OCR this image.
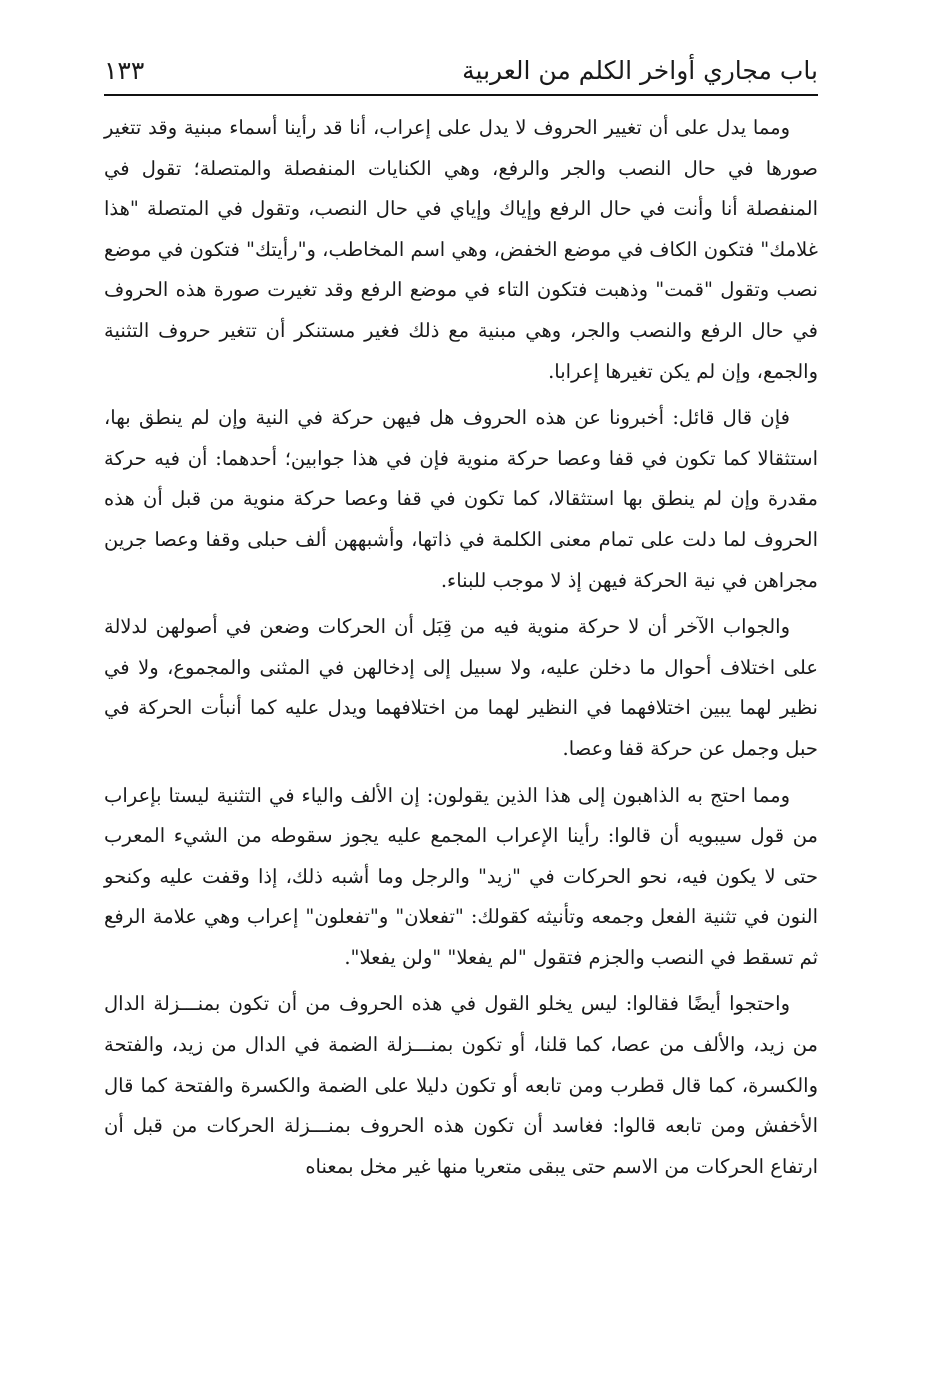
باب مجاري أواخر الكلم من العربية
١٣٣

ومما يدل على أن تغيير الحروف لا يدل على إعراب، أنا قد رأينا أسماء مبنية وقد تتغير صورها في حال النصب والجر والرفع، وهي الكنايات المنفصلة والمتصلة؛ تقول في المنفصلة أنا وأنت في حال الرفع وإياك وإياي في حال النصب، وتقول في المتصلة "هذا غلامك" فتكون الكاف في موضع الخفض، وهي اسم المخاطب، و"رأيتك" فتكون في موضع نصب وتقول "قمت" وذهبت فتكون التاء في موضع الرفع وقد تغيرت صورة هذه الحروف في حال الرفع والنصب والجر، وهي مبنية مع ذلك فغير مستنكر أن تتغير حروف التثنية والجمع، وإن لم يكن تغيرها إعرابا.

فإن قال قائل: أخبرونا عن هذه الحروف هل فيهن حركة في النية وإن لم ينطق بها، استثقالا كما تكون في قفا وعصا حركة منوية فإن في هذا جوابين؛ أحدهما: أن فيه حركة مقدرة وإن لم ينطق بها استثقالا، كما تكون في قفا وعصا حركة منوية من قبل أن هذه الحروف لما دلت على تمام معنى الكلمة في ذاتها، وأشبههن ألف حبلى وقفا وعصا جرين مجراهن في نية الحركة فيهن إذ لا موجب للبناء.

والجواب الآخر أن لا حركة منوية فيه من قِبَل أن الحركات وضعن في أصولهن لدلالة على اختلاف أحوال ما دخلن عليه، ولا سبيل إلى إدخالهن في المثنى والمجموع، ولا في نظير لهما يبين اختلافهما في النظير لهما من اختلافهما ويدل عليه كما أنبأت الحركة في حبل وجمل عن حركة قفا وعصا.

ومما احتج به الذاهبون إلى هذا الذين يقولون: إن الألف والياء في التثنية ليستا بإعراب من قول سيبويه أن قالوا: رأينا الإعراب المجمع عليه يجوز سقوطه من الشيء المعرب حتى لا يكون فيه، نحو الحركات في "زيد" والرجل وما أشبه ذلك، إذا وقفت عليه وكنحو النون في تثنية الفعل وجمعه وتأنيثه كقولك: "تفعلان" و"تفعلون" إعراب وهي علامة الرفع ثم تسقط في النصب والجزم فتقول "لم يفعلا" "ولن يفعلا".

واحتجوا أيضًا فقالوا: ليس يخلو القول في هذه الحروف من أن تكون بمنـــزلة الدال من زيد، والألف من عصا، كما قلنا، أو تكون بمنـــزلة الضمة في الدال من زيد، والفتحة والكسرة، كما قال قطرب ومن تابعه أو تكون دليلا على الضمة والكسرة والفتحة كما قال الأخفش ومن تابعه قالوا: فغاسد أن تكون هذه الحروف بمنـــزلة الحركات من قبل أن ارتفاع الحركات من الاسم حتى يبقى متعريا منها غير مخل بمعناه
